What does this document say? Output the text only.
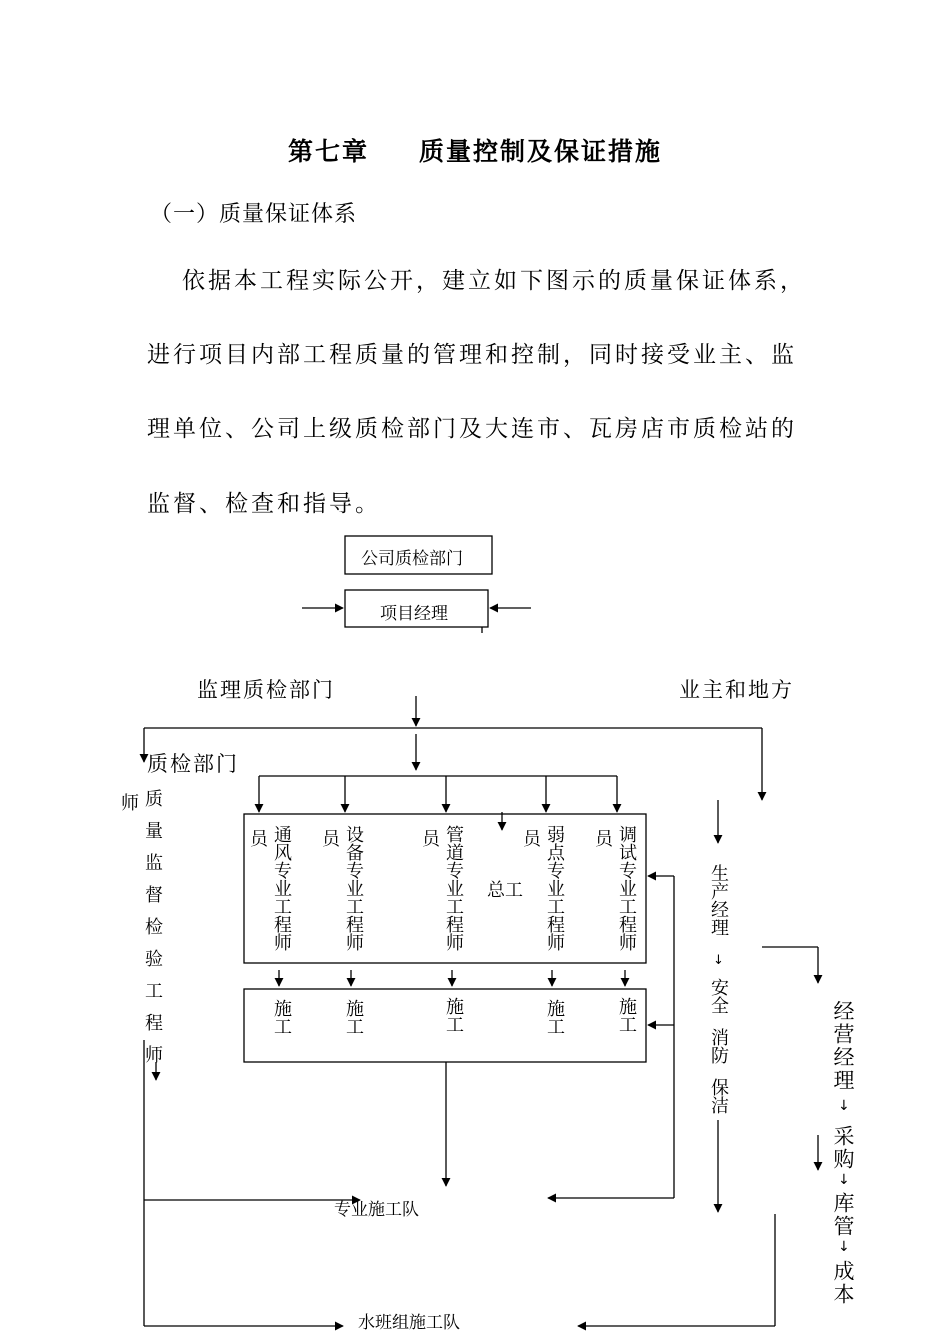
第七章 质量控制及保证措施
（一）质量保证体系
依据本工程实际公开，建立如下图示的质量保证体系，
进行项目内部工程质量的管理和控制，同时接受业主、监
理单位、公司上级质检部门及大连市、瓦房店市质检站的
监督、检查和指导。
公司质检部门
项目经理
监理质检部门	业主和地方
质检部门
质量监督检验工程师
师
员 通风专业工程师 员 设备专业工程师	员 管道专业工程师	员 弱点专业工程师 员 调试专业工程师
总工
施工	施工	施工	施工	施工
生产经理
↓
安全
消防
保洁
经营经理
↓
采购
↓
库管
↓
成本
专业施工队
水班组施工队
